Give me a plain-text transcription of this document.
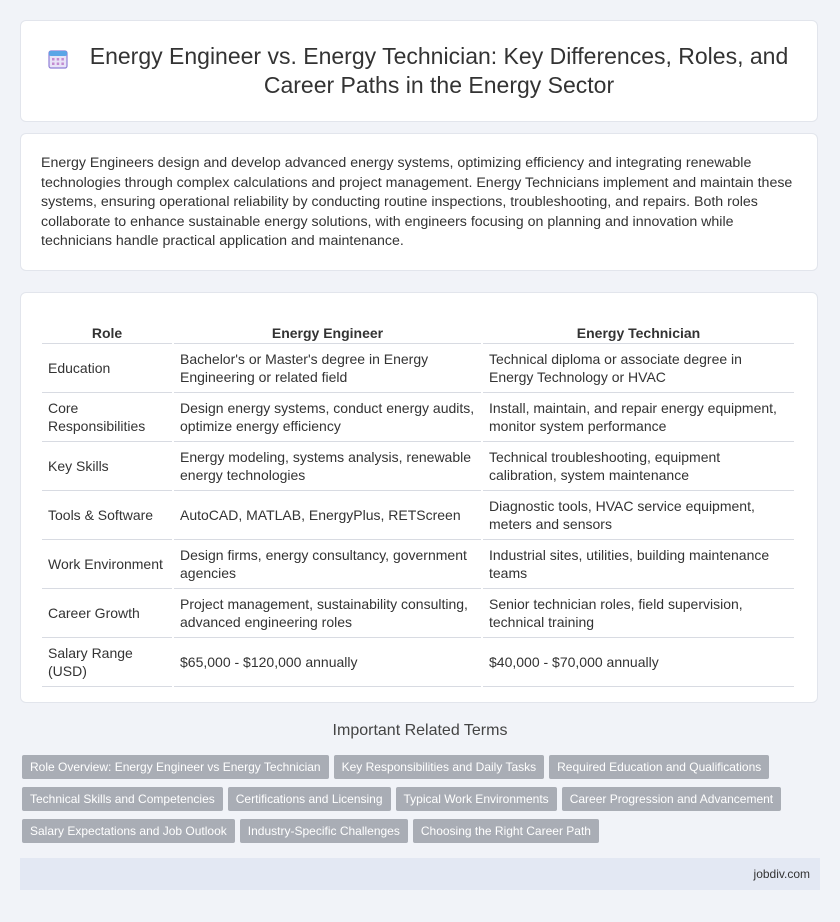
Energy Engineer vs. Energy Technician: Key Differences, Roles, and Career Paths in the Energy Sector

Energy Engineers design and develop advanced energy systems, optimizing efficiency and integrating renewable technologies through complex calculations and project management. Energy Technicians implement and maintain these systems, ensuring operational reliability by conducting routine inspections, troubleshooting, and repairs. Both roles collaborate to enhance sustainable energy solutions, with engineers focusing on planning and innovation while technicians handle practical application and maintenance.

Role	Energy Engineer	Energy Technician
Education	Bachelor's or Master's degree in Energy Engineering or related field	Technical diploma or associate degree in Energy Technology or HVAC
Core Responsibilities	Design energy systems, conduct energy audits, optimize energy efficiency	Install, maintain, and repair energy equipment, monitor system performance
Key Skills	Energy modeling, systems analysis, renewable energy technologies	Technical troubleshooting, equipment calibration, system maintenance
Tools & Software	AutoCAD, MATLAB, EnergyPlus, RETScreen	Diagnostic tools, HVAC service equipment, meters and sensors
Work Environment	Design firms, energy consultancy, government agencies	Industrial sites, utilities, building maintenance teams
Career Growth	Project management, sustainability consulting, advanced engineering roles	Senior technician roles, field supervision, technical training
Salary Range (USD)	$65,000 - $120,000 annually	$40,000 - $70,000 annually
Important Related Terms
Role Overview: Energy Engineer vs Energy Technician Key Responsibilities and Daily Tasks Required Education and Qualifications
Technical Skills and Competencies Certifications and Licensing Typical Work Environments Career Progression and Advancement
Salary Expectations and Job Outlook Industry-Specific Challenges Choosing the Right Career Path
jobdiv.com
